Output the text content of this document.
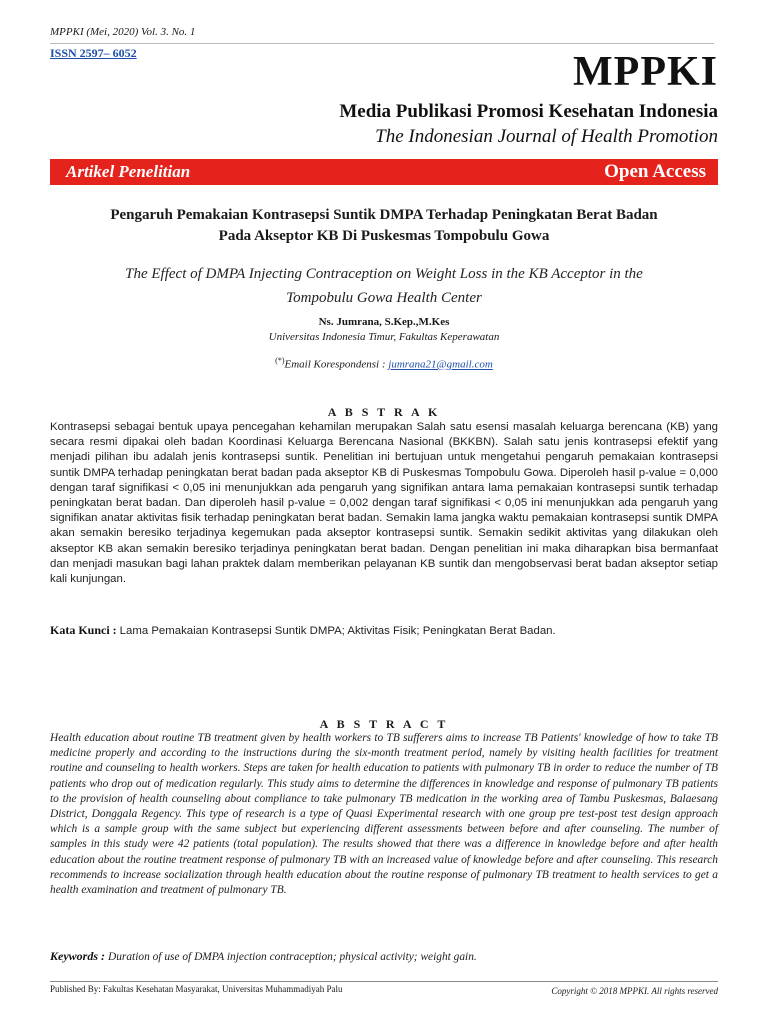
MPPKI (Mei, 2020) Vol. 3. No. 1
ISSN 2597– 6052	MPPKI
Media Publikasi Promosi Kesehatan Indonesia
The Indonesian Journal of Health Promotion
Artikel Penelitian	Open Access
Pengaruh Pemakaian Kontrasepsi Suntik DMPA Terhadap Peningkatan Berat Badan
Pada Akseptor KB Di Puskesmas Tompobulu Gowa
The Effect of DMPA Injecting Contraception on Weight Loss in the KB Acceptor in the
Tompobulu Gowa Health Center
Ns. Jumrana, S.Kep.,M.Kes
Universitas Indonesia Timur, Fakultas Keperawatan
(*)Email Korespondensi : jumrana21@gmail.com
A B S T R A K
Kontrasepsi sebagai bentuk upaya pencegahan kehamilan merupakan Salah satu esensi masalah keluarga berencana (KB) yang secara resmi dipakai oleh badan Koordinasi Keluarga Berencana Nasional (BKKBN). Salah satu jenis kontrasepsi efektif yang menjadi pilihan ibu adalah jenis kontrasepsi suntik. Penelitian ini bertujuan untuk mengetahui pengaruh pemakaian kontrasepsi suntik DMPA terhadap peningkatan berat badan pada akseptor KB di Puskesmas Tompobulu Gowa. Diperoleh hasil p-value = 0,000 dengan taraf signifikasi < 0,05 ini menunjukkan ada pengaruh yang signifikan antara lama pemakaian kontrasepsi suntik terhadap peningkatan berat badan. Dan diperoleh hasil p-value = 0,002 dengan taraf signifikasi < 0,05 ini menunjukkan ada pengaruh yang signifikan anatar aktivitas fisik terhadap peningkatan berat badan. Semakin lama jangka waktu pemakaian kontrasepsi suntik DMPA akan semakin beresiko terjadinya kegemukan pada akseptor kontrasepsi suntik. Semakin sedikit aktivitas yang dilakukan oleh akseptor KB akan semakin beresiko terjadinya peningkatan berat badan. Dengan penelitian ini maka diharapkan bisa bermanfaat dan menjadi masukan bagi lahan praktek dalam memberikan pelayanan KB suntik dan mengobservasi berat badan akseptor setiap kali kunjungan.
Kata Kunci : Lama Pemakaian Kontrasepsi Suntik DMPA; Aktivitas Fisik; Peningkatan Berat Badan.
A B S T R A C T
Health education about routine TB treatment given by health workers to TB sufferers aims to increase TB Patients' knowledge of how to take TB medicine properly and according to the instructions during the six-month treatment period, namely by visiting health facilities for treatment routine and counseling to health workers. Steps are taken for health education to patients with pulmonary TB in order to reduce the number of TB patients who drop out of medication regularly. This study aims to determine the differences in knowledge and response of pulmonary TB patients to the provision of health counseling about compliance to take pulmonary TB medication in the working area of Tambu Puskesmas, Balaesang District, Donggala Regency. This type of research is a type of Quasi Experimental research with one group pre test-post test design approach which is a sample group with the same subject but experiencing different assessments between before and after counseling. The number of samples in this study were 42 patients (total population). The results showed that there was a difference in knowledge before and after health education about the routine treatment response of pulmonary TB with an increased value of knowledge before and after counseling. This research recommends to increase socialization through health education about the routine response of pulmonary TB treatment to health services to get a health examination and treatment of pulmonary TB.
Keywords : Duration of use of DMPA injection contraception; physical activity; weight gain.
Published By: Fakultas Kesehatan Masyarakat, Universitas Muhammadiyah Palu	Copyright © 2018 MPPKI. All rights reserved
